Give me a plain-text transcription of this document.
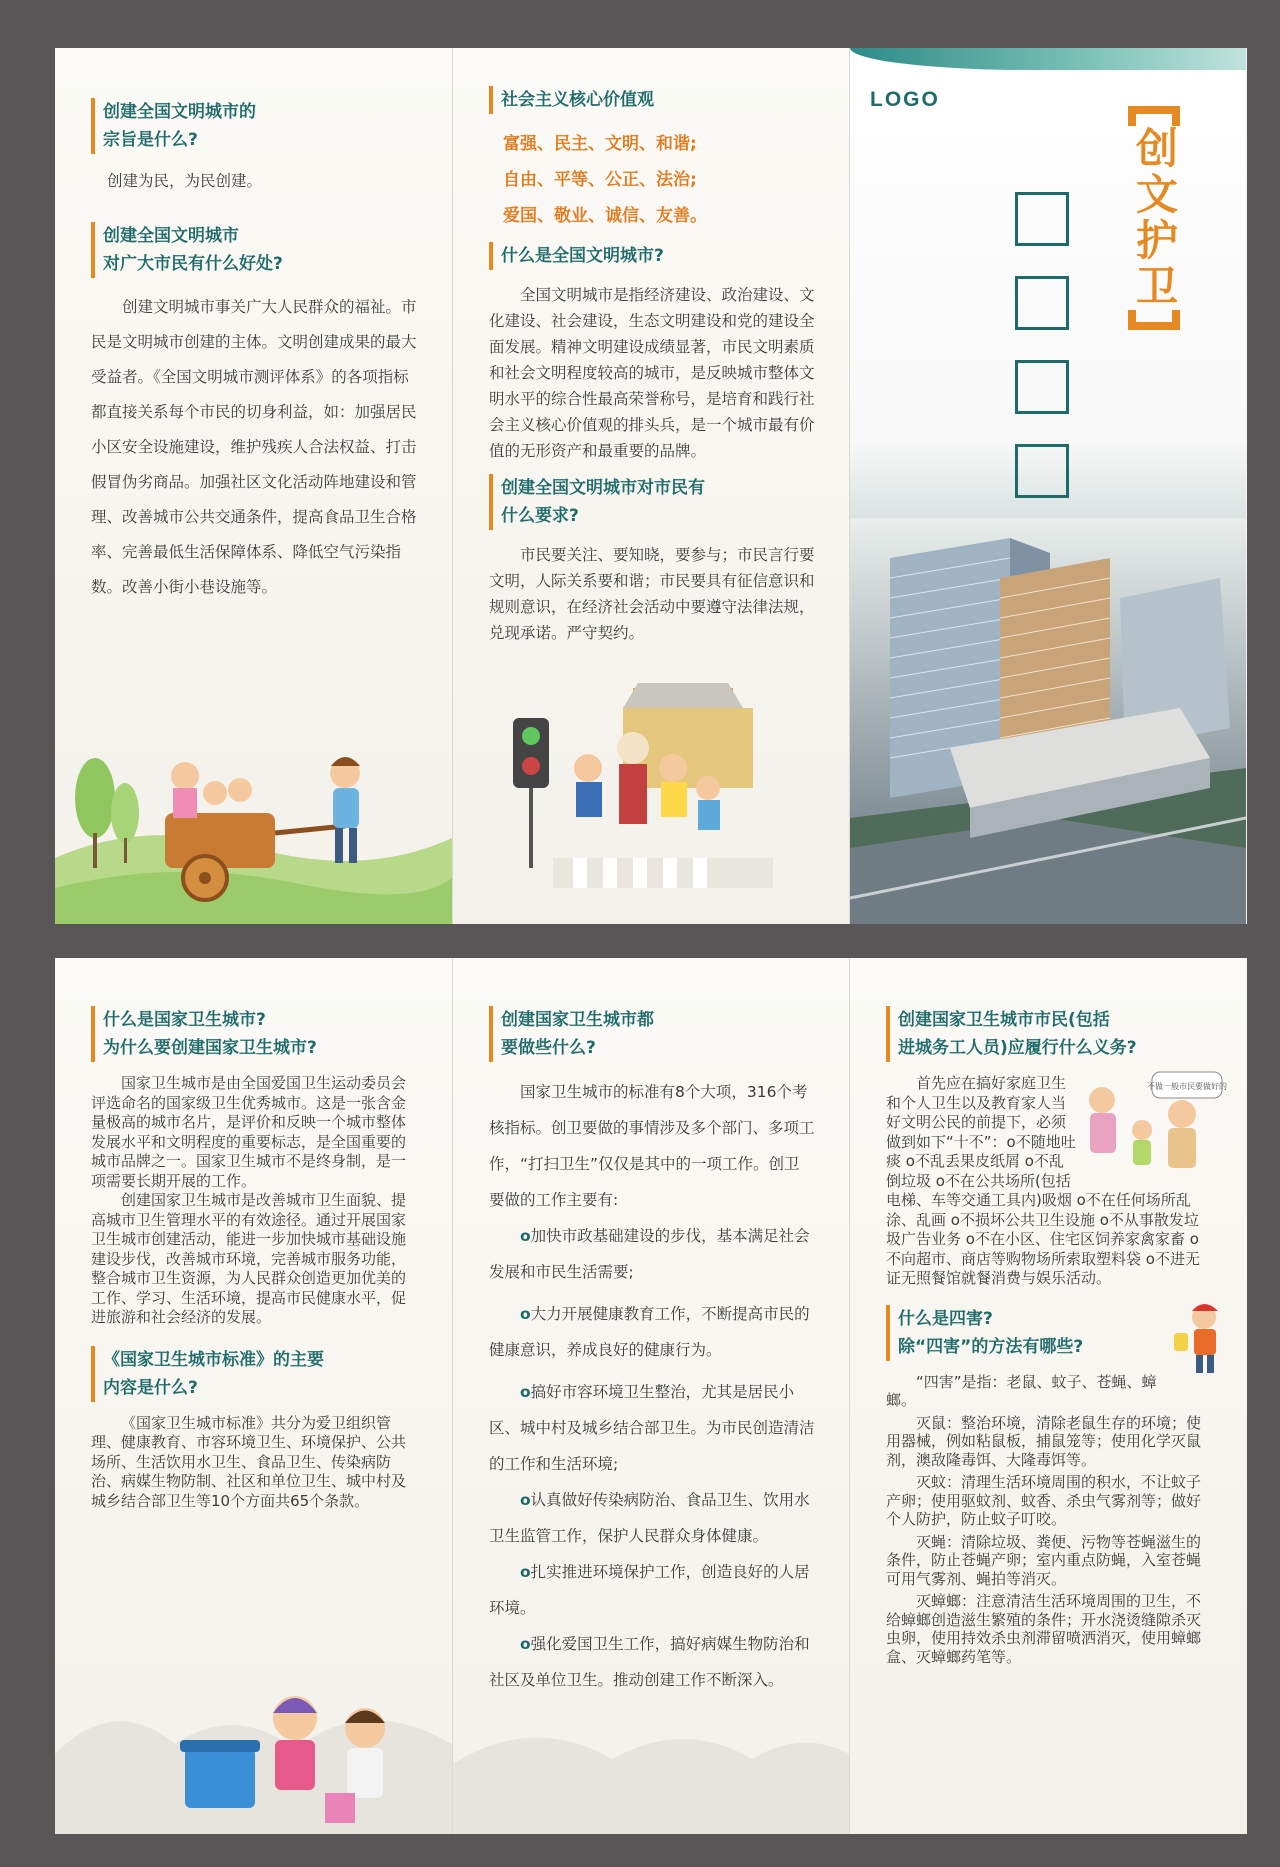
创建全国文明城市的
宗旨是什么?
创建为民，为民创建。
创建全国文明城市
对广大市民有什么好处?

创建文明城市事关广大人民群众的福祉。市民是文明城市创建的主体。文明创建成果的最大受益者。《全国文明城市测评体系》的各项指标都直接关系每个市民的切身利益，如：加强居民小区安全设施建设，维护残疾人合法权益、打击假冒伪劣商品。加强社区文化活动阵地建设和管理、改善城市公共交通条件，提高食品卫生合格率、完善最低生活保障体系、降低空气污染指数。改善小街小巷设施等。

社会主义核心价值观
富强、民主、文明、和谐;
自由、平等、公正、法治;
爱国、敬业、诚信、友善。
什么是全国文明城市?

全国文明城市是指经济建设、政治建设、文化建设、社会建设，生态文明建设和党的建设全面发展。精神文明建设成绩显著，市民文明素质和社会文明程度较高的城市，是反映城市整体文明水平的综合性最高荣誉称号，是培育和践行社会主义核心价值观的排头兵，是一个城市最有价值的无形资产和最重要的品牌。

创建全国文明城市对市民有
什么要求?

市民要关注、要知晓，要参与；市民言行要文明，人际关系要和谐；市民要具有征信意识和规则意识，在经济社会活动中要遵守法律法规，兑现承诺。严守契约。

LOGO
创文护卫
什么是国家卫生城市?
为什么要创建国家卫生城市?

国家卫生城市是由全国爱国卫生运动委员会评选命名的国家级卫生优秀城市。这是一张含金量极高的城市名片，是评价和反映一个城市整体发展水平和文明程度的重要标志，是全国重要的城市品牌之一。国家卫生城市不是终身制，是一项需要长期开展的工作。

创建国家卫生城市是改善城市卫生面貌、提高城市卫生管理水平的有效途径。通过开展国家卫生城市创建活动，能进一步加快城市基础设施建设步伐，改善城市环境，完善城市服务功能，整合城市卫生资源，为人民群众创造更加优美的工作、学习、生活环境，提高市民健康水平，促进旅游和社会经济的发展。

《国家卫生城市标准》的主要
内容是什么?

《国家卫生城市标准》共分为爱卫组织管理、健康教育、市容环境卫生、环境保护、公共场所、生活饮用水卫生、食品卫生、传染病防治、病媒生物防制、社区和单位卫生、城中村及城乡结合部卫生等10个方面共65个条款。

创建国家卫生城市都
要做些什么?

国家卫生城市的标准有8个大项，316个考核指标。创卫要做的事情涉及多个部门、多项工作，“打扫卫生”仅仅是其中的一项工作。创卫要做的工作主要有:

o加快市政基础建设的步伐，基本满足社会发展和市民生活需要;

o大力开展健康教育工作，不断提高市民的健康意识，养成良好的健康行为。

o搞好市容环境卫生整治，尤其是居民小区、城中村及城乡结合部卫生。为市民创造清洁的工作和生活环境;

o认真做好传染病防治、食品卫生、饮用水卫生监管工作，保护人民群众身体健康。

o扎实推进环境保护工作，创造良好的人居环境。

o强化爱国卫生工作，搞好病媒生物防治和社区及单位卫生。推动创建工作不断深入。

创建国家卫生城市市民(包括
进城务工人员)应履行什么义务?
不做一般市民要做好的

首先应在搞好家庭卫生和个人卫生以及教育家人当好文明公民的前提下，必须做到如下“十不”：o不随地吐痰 o不乱丢果皮纸屑 o不乱倒垃圾 o不在公共场所(包括电梯、车等交通工具内)吸烟 o不在任何场所乱涂、乱画 o不损坏公共卫生设施 o不从事散发垃圾广告业务 o不在小区、住宅区饲养家禽家畜 o不向超市、商店等购物场所索取塑料袋 o不进无证无照餐馆就餐消费与娱乐活动。

什么是四害?
除“四害”的方法有哪些?

“四害”是指：老鼠、蚊子、苍蝇、蟑螂。

灭鼠：整治环境，清除老鼠生存的环境；使用器械，例如粘鼠板，捕鼠笼等；使用化学灭鼠剂，澳敌隆毒饵、大隆毒饵等。

灭蚊：清理生活环境周围的积水，不让蚊子产卵；使用驱蚊剂、蚊香、杀虫气雾剂等；做好个人防护，防止蚊子叮咬。

灭蝇：清除垃圾、粪便、污物等苍蝇滋生的条件，防止苍蝇产卵；室内重点防蝇，入室苍蝇可用气雾剂、蝇拍等消灭。

灭蟑螂：注意清洁生活环境周围的卫生，不给蟑螂创造滋生繁殖的条件；开水浇烫缝隙杀灭虫卵，使用持效杀虫剂滞留喷洒消灭，使用蟑螂盒、灭蟑螂药笔等。
